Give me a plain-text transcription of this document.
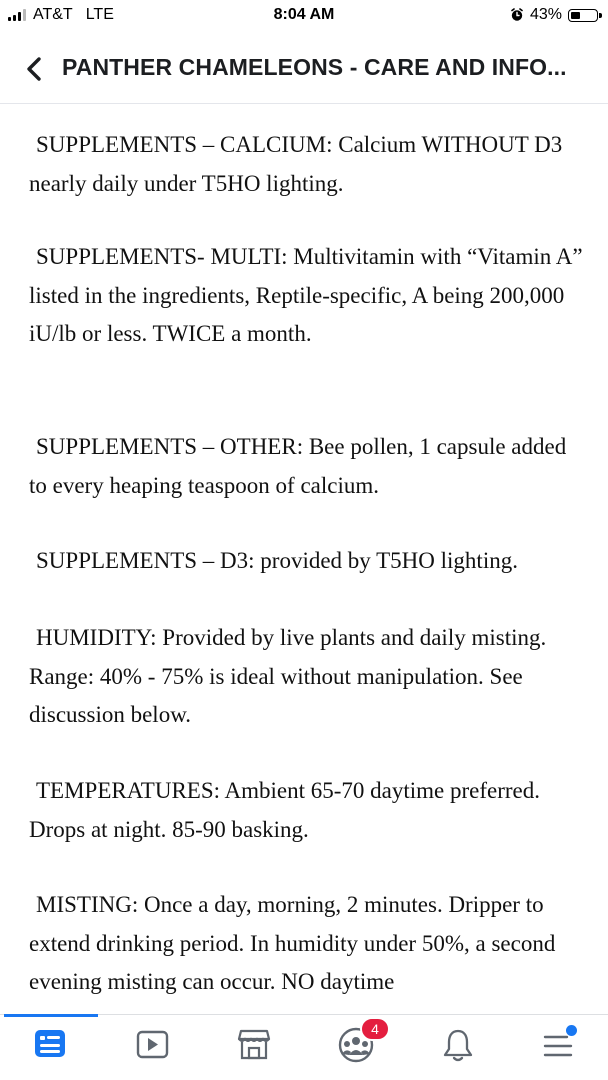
AT&T LTE	8:04 AM	43%
PANTHER CHAMELEONS - CARE AND INFO...

SUPPLEMENTS – CALCIUM: Calcium WITHOUT D3 nearly daily under T5HO lighting.

SUPPLEMENTS- MULTI: Multivitamin with “Vitamin A” listed in the ingredients, Reptile-specific, A being 200,000 iU/lb or less. TWICE a month.

SUPPLEMENTS – OTHER: Bee pollen, 1 capsule added to every heaping teaspoon of calcium.

SUPPLEMENTS – D3: provided by T5HO lighting.

HUMIDITY: Provided by live plants and daily misting. Range: 40% - 75% is ideal without manipulation. See discussion below.

TEMPERATURES: Ambient 65-70 daytime preferred. Drops at night. 85-90 basking.

MISTING: Once a day, morning, 2 minutes. Dripper to extend drinking period. In humidity under 50%, a second evening misting can occur. NO daytime

4
